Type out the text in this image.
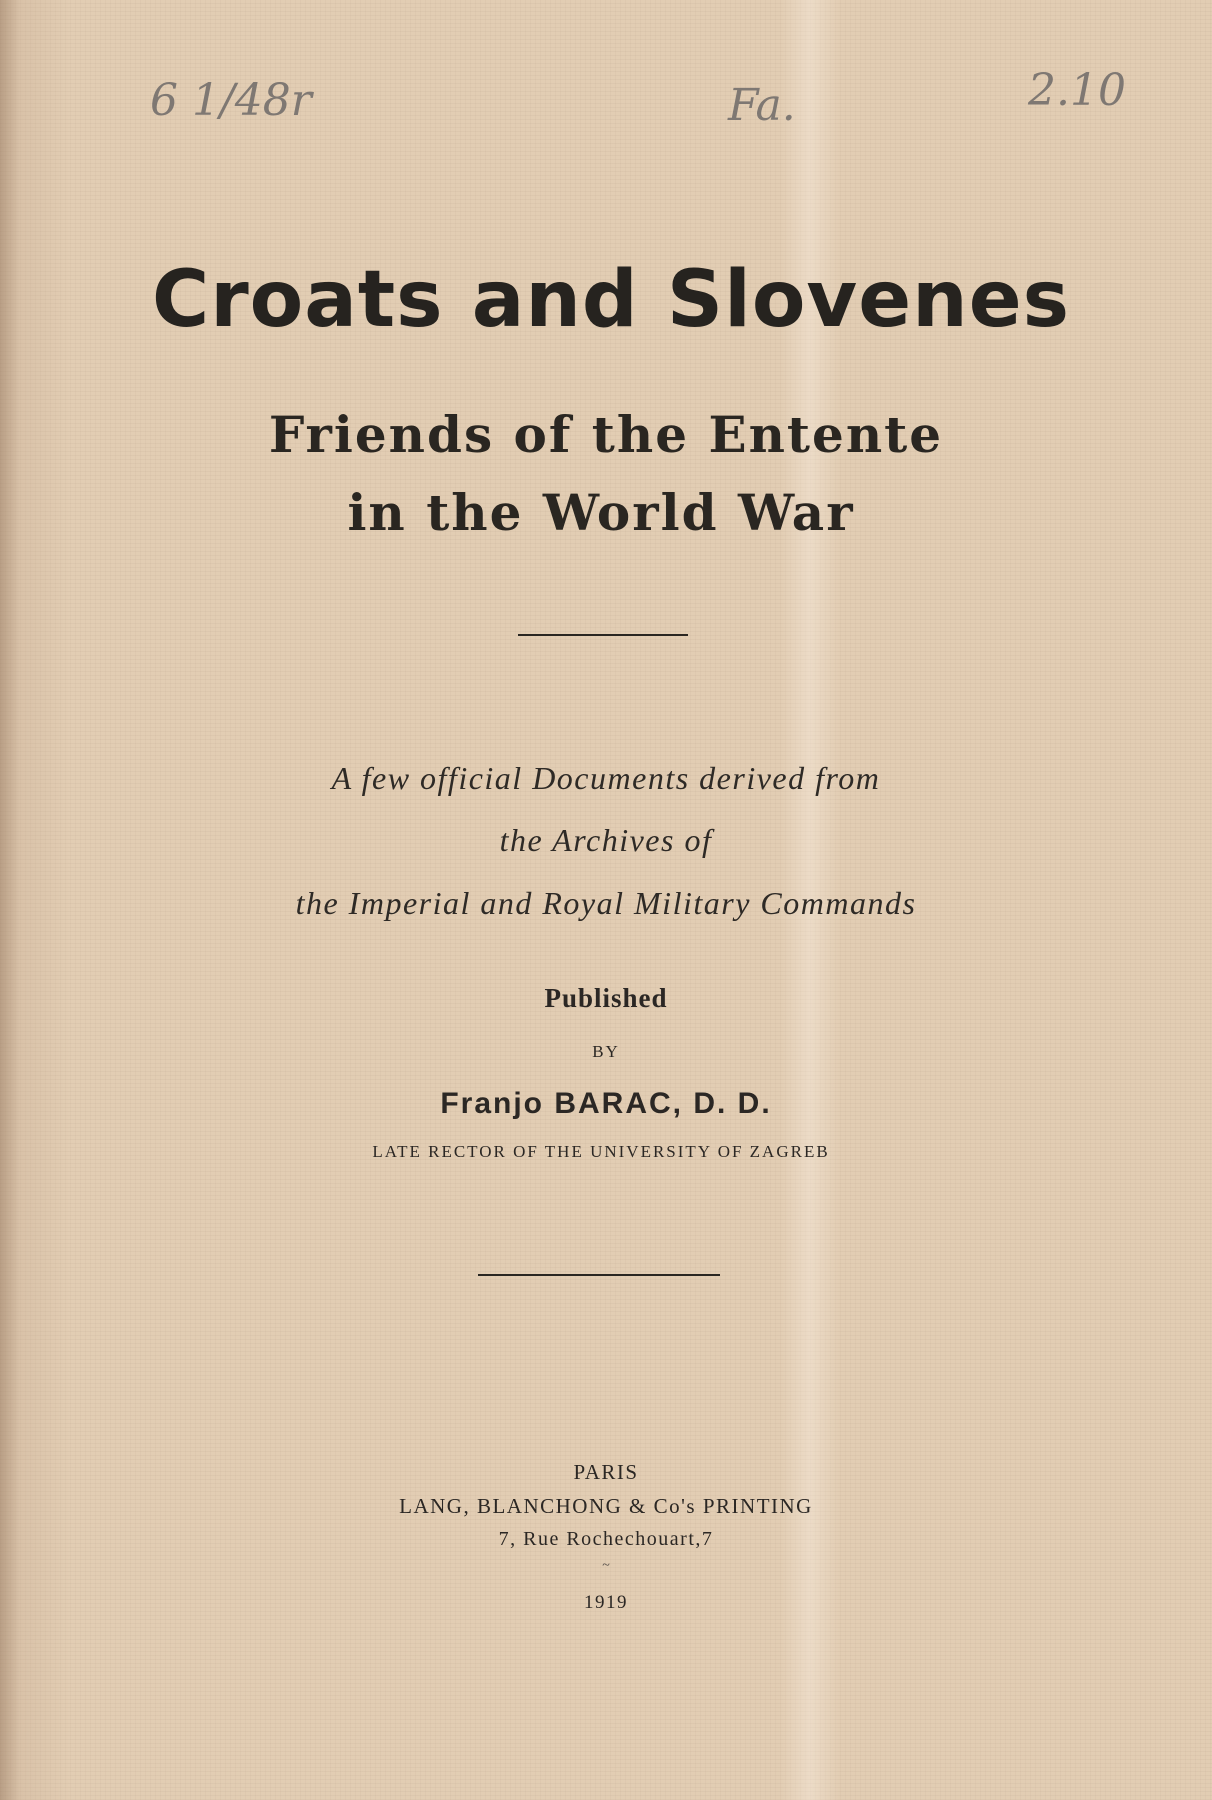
6 1/48r	Fa.	2.10
Croats and Slovenes
Friends of the Entente
in the World War
A few official Documents derived from
the Archives of
the Imperial and Royal Military Commands
Published
BY
Franjo BARAC, D. D.
LATE RECTOR OF THE UNIVERSITY OF ZAGREB
PARIS
LANG, BLANCHONG & Co's PRINTING
7, Rue Rochechouart,7
~
1919
